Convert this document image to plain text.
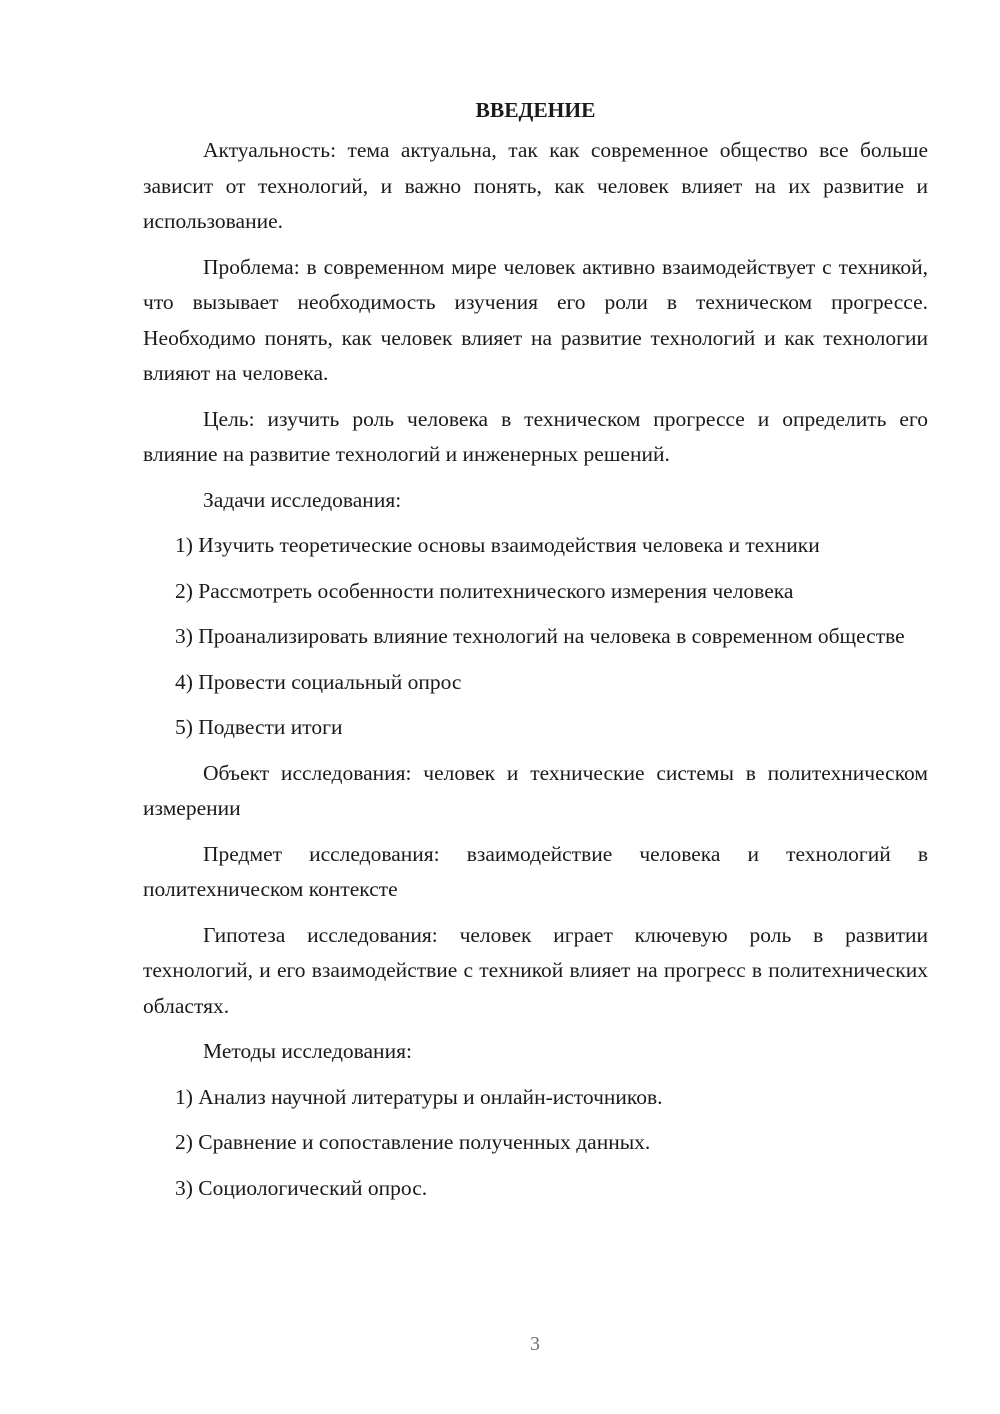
ВВЕДЕНИЕ

Актуальность: тема актуальна, так как современное общество все больше зависит от технологий, и важно понять, как человек влияет на их развитие и использование.

Проблема: в современном мире человек активно взаимодействует с техникой, что вызывает необходимость изучения его роли в техническом прогрессе. Необходимо понять, как человек влияет на развитие технологий и как технологии влияют на человека.

Цель: изучить роль человека в техническом прогрессе и определить его влияние на развитие технологий и инженерных решений.

Задачи исследования:

1) Изучить теоретические основы взаимодействия человека и техники

2) Рассмотреть особенности политехнического измерения человека

3) Проанализировать влияние технологий на человека в современном обществе

4) Провести социальный опрос

5) Подвести итоги

Объект исследования: человек и технические системы в политехническом измерении

Предмет исследования: взаимодействие человека и технологий в политехническом контексте

Гипотеза исследования: человек играет ключевую роль в развитии технологий, и его взаимодействие с техникой влияет на прогресс в политехнических областях.

Методы исследования:

1) Анализ научной литературы и онлайн-источников.

2) Сравнение и сопоставление полученных данных.

3) Социологический опрос.

3
